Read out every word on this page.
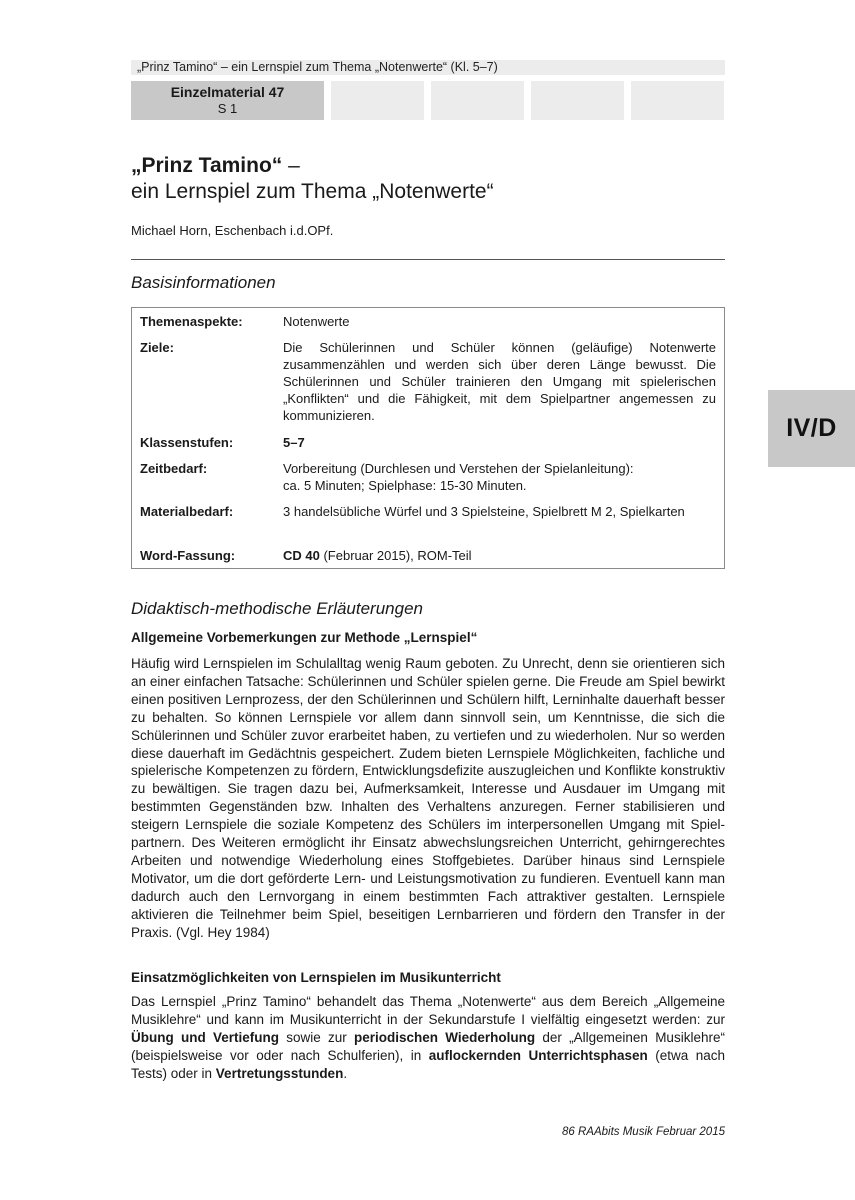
„Prinz Tamino“ – ein Lernspiel zum Thema „Notenwerte“ (Kl. 5–7)
Einzelmaterial 47
S 1
IV/D
„Prinz Tamino“ –
ein Lernspiel zum Thema „Notenwerte“
Michael Horn, Eschenbach i.d.OPf.
Basisinformationen
Themenaspekte:	Notenwerte
Ziele:	Die Schülerinnen und Schüler können (geläufige) Notenwerte zusammenzählen und werden sich über deren Länge bewusst. Die Schülerinnen und Schüler trainieren den Umgang mit spielerischen „Konflikten“ und die Fähigkeit, mit dem Spielpartner angemessen zu kommunizieren.
Klassenstufen:	5–7
Zeitbedarf:	Vorbereitung (Durchlesen und Verstehen der Spielanleitung):
ca. 5 Minuten; Spielphase: 15-30 Minuten.
Materialbedarf:	3 handelsübliche Würfel und 3 Spielsteine, Spielbrett M 2, Spielkarten
Word-Fassung:	CD 40 (Februar 2015), ROM-Teil
Didaktisch-methodische Erläuterungen
Allgemeine Vorbemerkungen zur Methode „Lernspiel“
Häufig wird Lernspielen im Schulalltag wenig Raum geboten. Zu Unrecht, denn sie orientieren sich an einer einfachen Tatsache: Schülerinnen und Schüler spielen gerne. Die Freude am Spiel bewirkt einen positiven Lernprozess, der den Schülerinnen und Schülern hilft, Lerninhalte dauerhaft besser zu behalten. So können Lernspiele vor allem dann sinnvoll sein, um Kenntnisse, die sich die Schülerinnen und Schüler zuvor erarbeitet haben, zu vertiefen und zu wiederholen. Nur so werden diese dauerhaft im Gedächtnis gespeichert. Zudem bieten Lernspiele Möglichkeiten, fachliche und spielerische Kompetenzen zu fördern, Entwicklungsdefizite auszugleichen und Konflikte konstruktiv zu bewältigen. Sie tragen dazu bei, Aufmerksamkeit, Interesse und Ausdauer im Umgang mit bestimmten Gegenständen bzw. Inhalten des Verhaltens anzuregen. Ferner stabilisieren und steigern Lernspiele die soziale Kompetenz des Schülers im interpersonellen Umgang mit Spielpartnern. Des Weiteren ermöglicht ihr Einsatz abwechslungsreichen Unterricht, gehirngerechtes Arbeiten und notwendige Wiederholung eines Stoffgebietes. Darüber hinaus sind Lernspiele Motivator, um die dort geförderte Lern- und Leistungsmotivation zu fundieren. Eventuell kann man dadurch auch den Lernvorgang in einem bestimmten Fach attraktiver gestalten. Lernspiele aktivieren die Teilnehmer beim Spiel, beseitigen Lernbarrieren und fördern den Transfer in der Praxis. (Vgl. Hey 1984)
Einsatzmöglichkeiten von Lernspielen im Musikunterricht
Das Lernspiel „Prinz Tamino“ behandelt das Thema „Notenwerte“ aus dem Bereich „Allgemeine Musiklehre“ und kann im Musikunterricht in der Sekundarstufe I vielfältig eingesetzt werden: zur Übung und Vertiefung sowie zur periodischen Wiederholung der „Allgemeinen Musiklehre“ (beispielsweise vor oder nach Schulferien), in auflockernden Unterrichtsphasen (etwa nach Tests) oder in Vertretungsstunden.
86 RAAbits Musik Februar 2015
